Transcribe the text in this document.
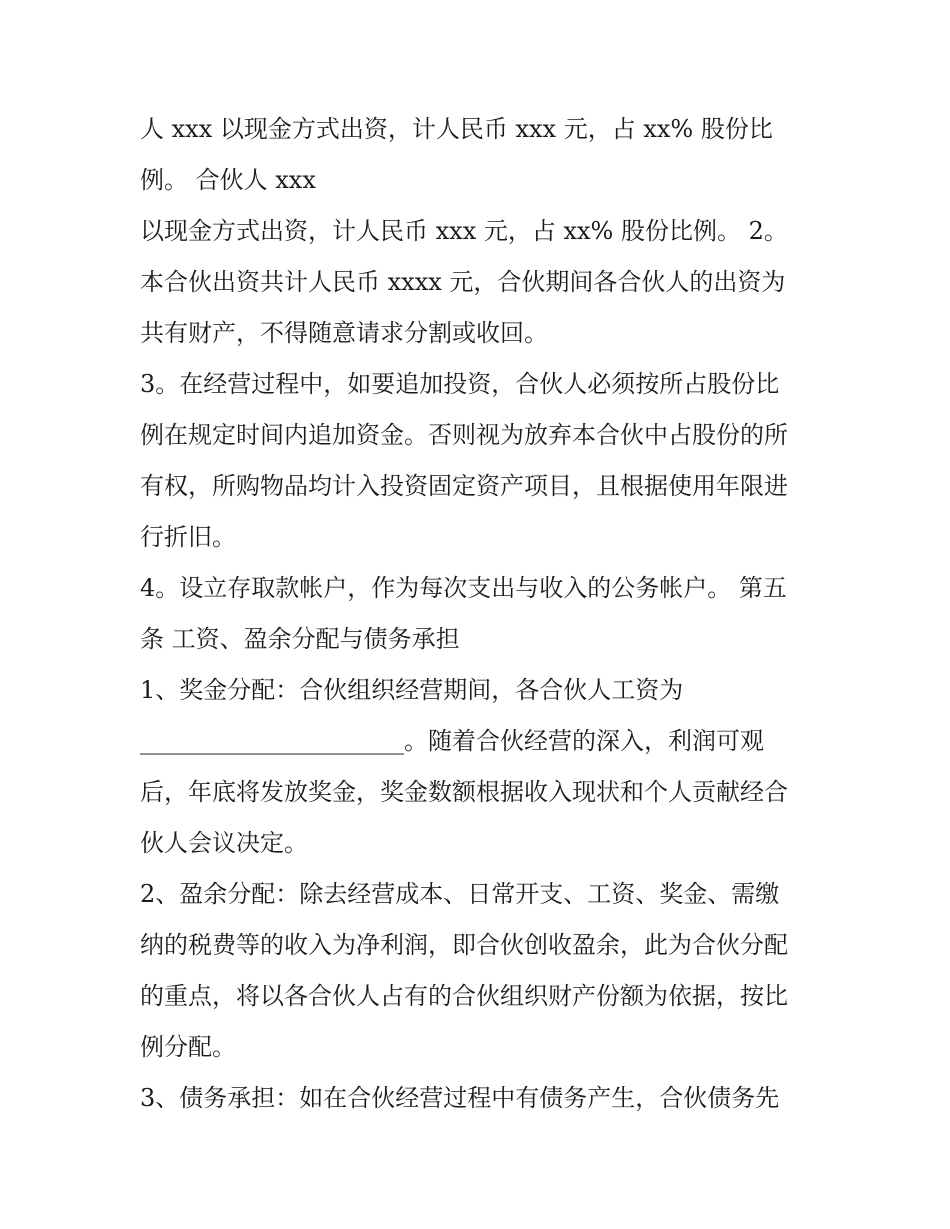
人 xxx 以现金方式出资，计人民币 xxx 元，占 xx% 股份比
例。 合伙人 xxx
以现金方式出资，计人民币 xxx 元，占 xx% 股份比例。 2。
本合伙出资共计人民币 xxxx 元，合伙期间各合伙人的出资为
共有财产，不得随意请求分割或收回。
3。在经营过程中，如要追加投资，合伙人必须按所占股份比
例在规定时间内追加资金。否则视为放弃本合伙中占股份的所
有权，所购物品均计入投资固定资产项目，且根据使用年限进
行折旧。
4。设立存取款帐户，作为每次支出与收入的公务帐户。 第五
条 工资、盈余分配与债务承担
1、奖金分配：合伙组织经营期间，各合伙人工资为
______________________。随着合伙经营的深入，利润可观
后，年底将发放奖金，奖金数额根据收入现状和个人贡献经合
伙人会议决定。
2、盈余分配：除去经营成本、日常开支、工资、奖金、需缴
纳的税费等的收入为净利润，即合伙创收盈余，此为合伙分配
的重点，将以各合伙人占有的合伙组织财产份额为依据，按比
例分配。
3、债务承担：如在合伙经营过程中有债务产生，合伙债务先
